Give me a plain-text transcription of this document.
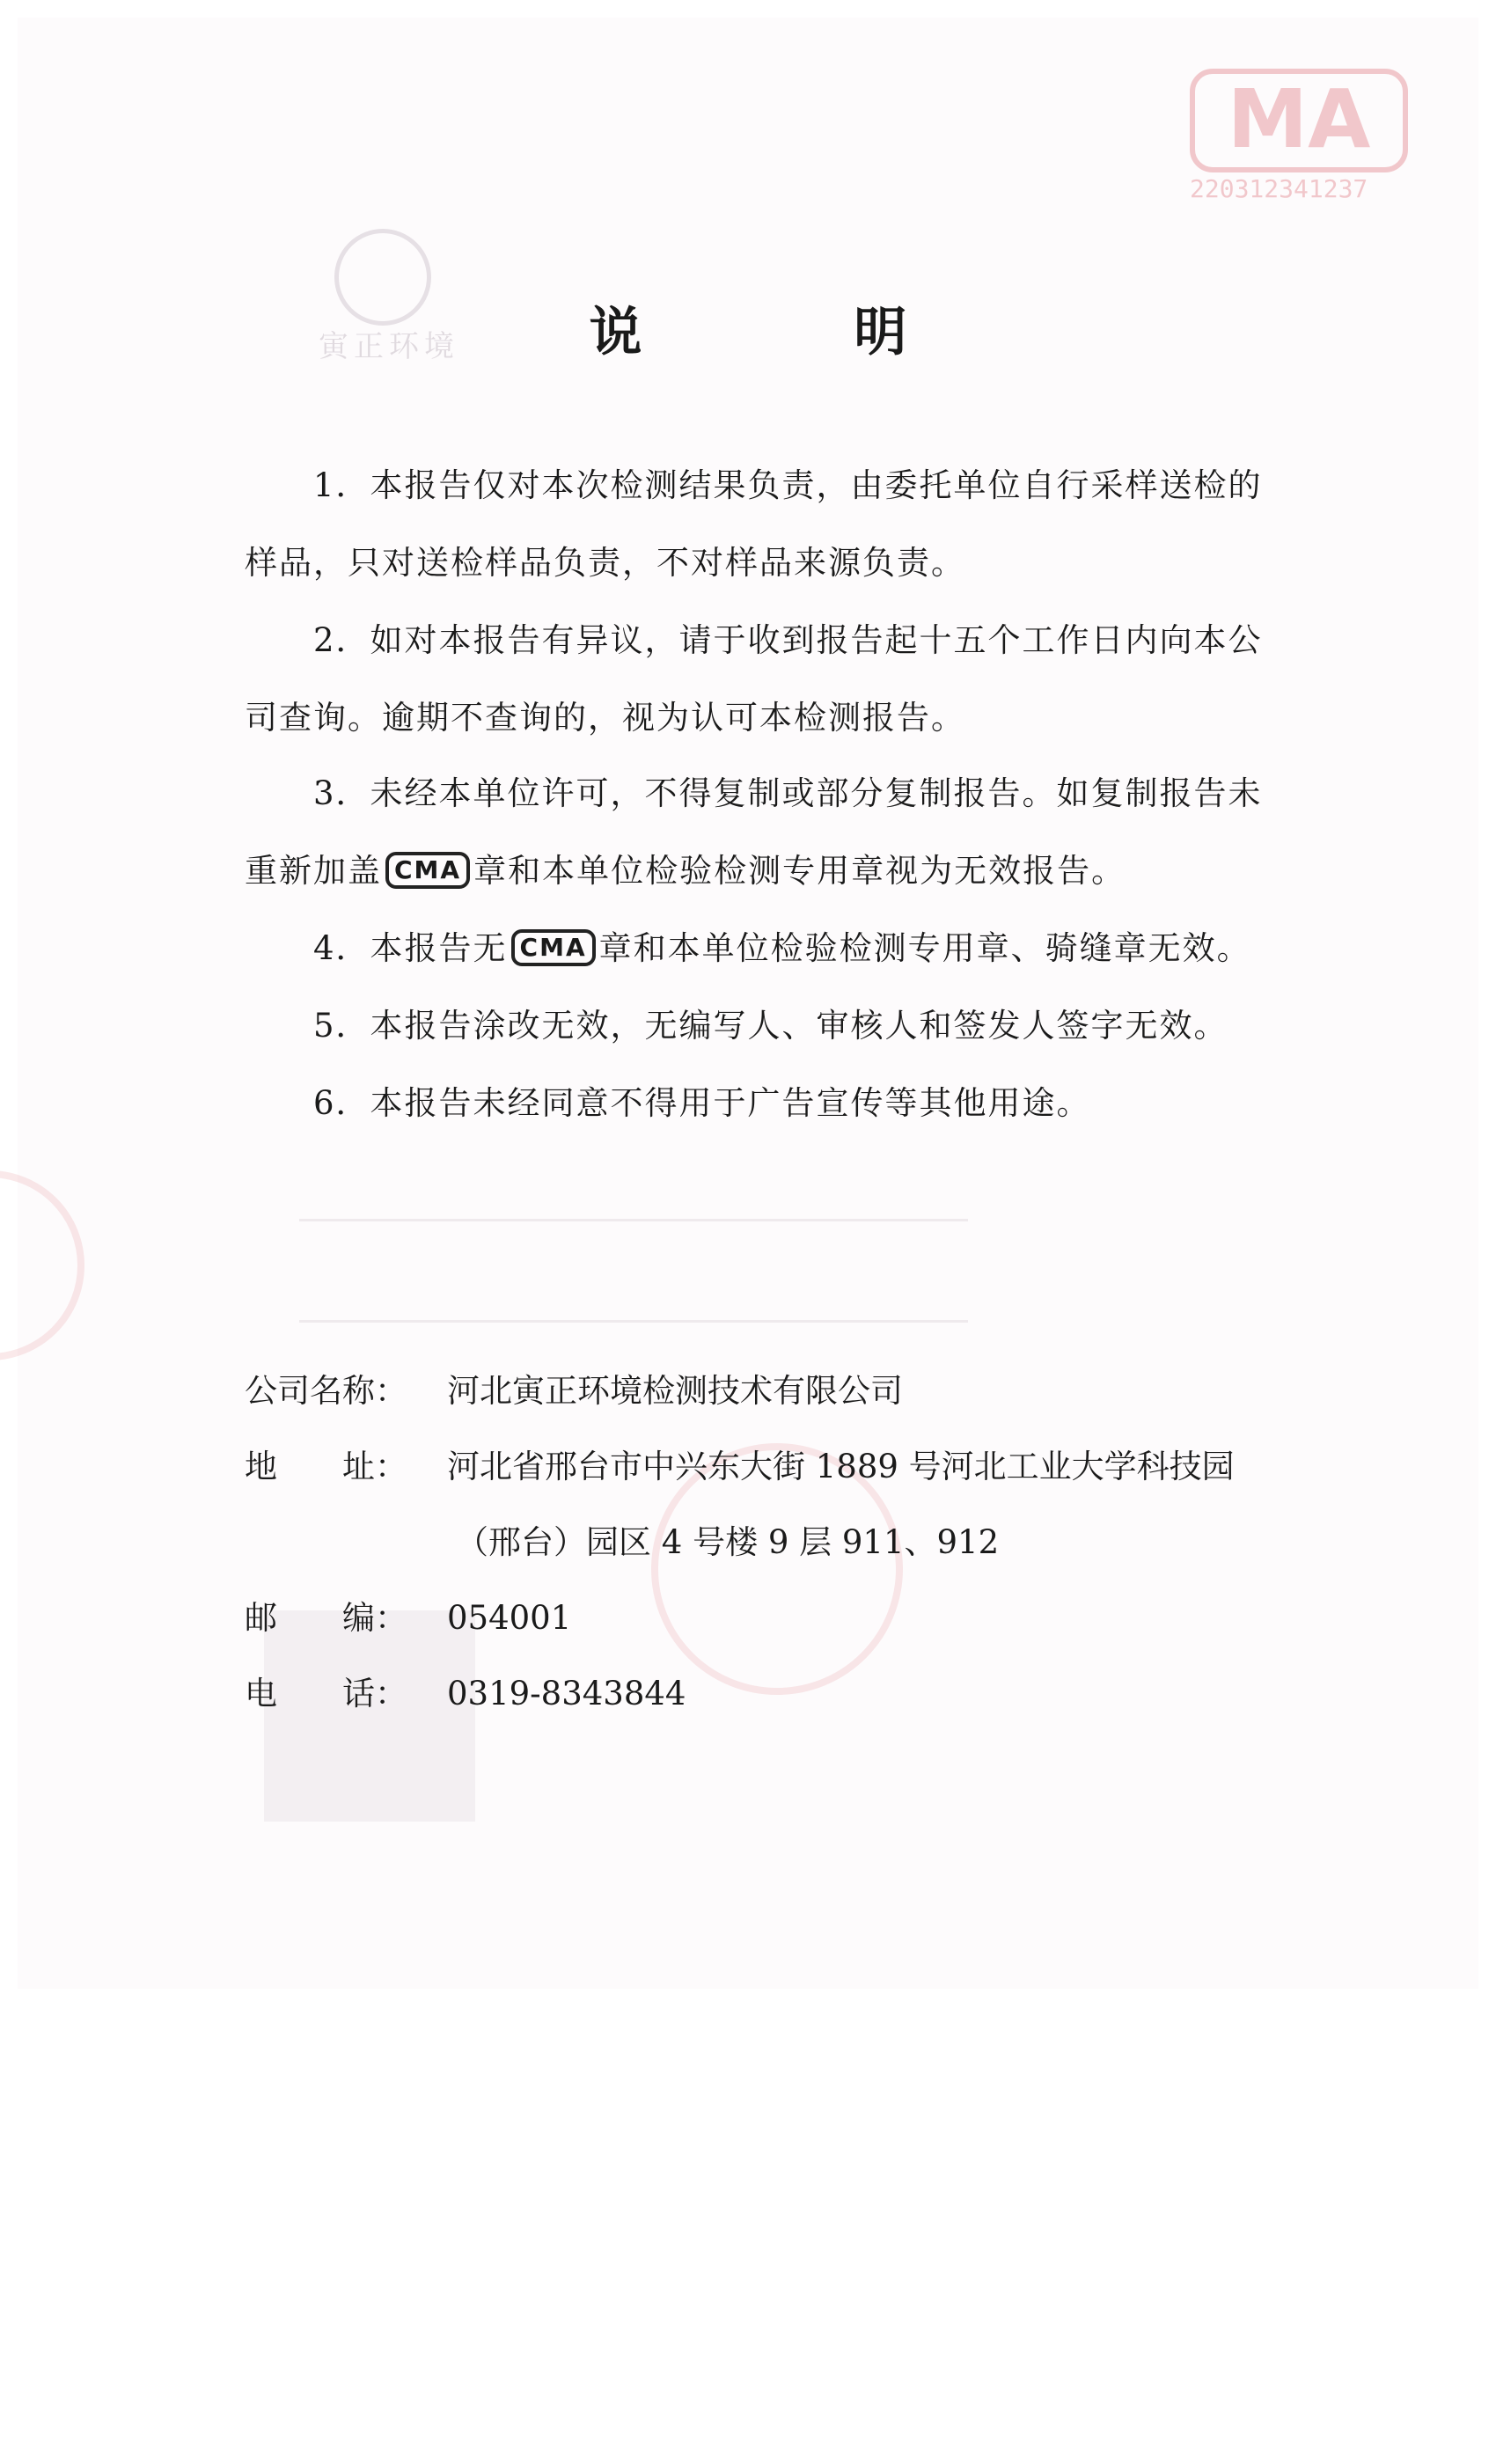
MA
220312341237
寅正环境	说 明
1．本报告仅对本次检测结果负责，由委托单位自行采样送检的样品，只对送检样品负责，不对样品来源负责。
2．如对本报告有异议，请于收到报告起十五个工作日内向本公司查询。逾期不查询的，视为认可本检测报告。
3．未经本单位许可，不得复制或部分复制报告。如复制报告未重新加盖 CMA 章和本单位检验检测专用章视为无效报告。
4．本报告无 CMA 章和本单位检验检测专用章、骑缝章无效。
5．本报告涂改无效，无编写人、审核人和签发人签字无效。
6．本报告未经同意不得用于广告宣传等其他用途。
公司名称：	河北寅正环境检测技术有限公司
地　　址：	河北省邢台市中兴东大街 1889 号河北工业大学科技园
（邢台）园区 4 号楼 9 层 911、912
邮　　编：	054001
电　　话：	0319-8343844
